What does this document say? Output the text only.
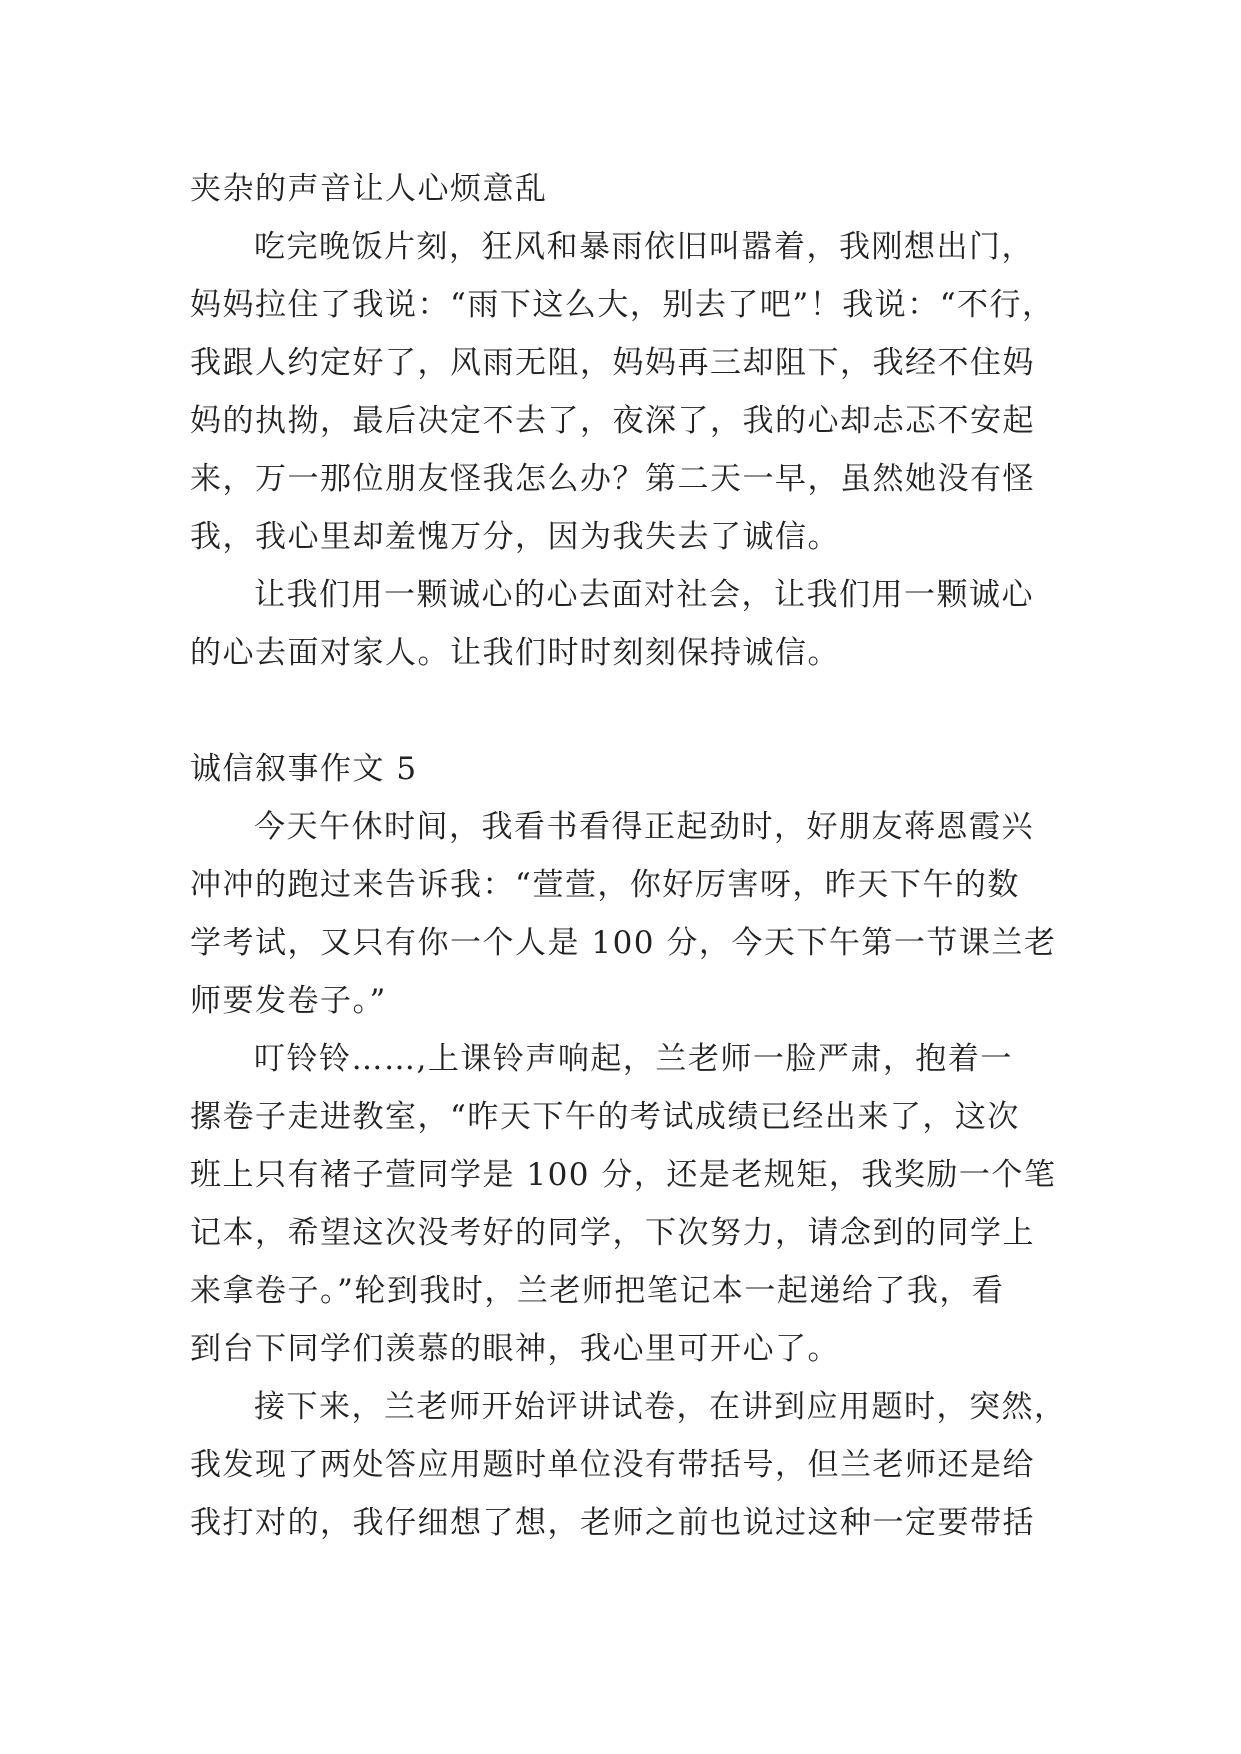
夹杂的声音让人心烦意乱
吃完晚饭片刻，狂风和暴雨依旧叫嚣着，我刚想出门，
妈妈拉住了我说：“雨下这么大，别去了吧”！我说：“不行，
我跟人约定好了，风雨无阻，妈妈再三却阻下，我经不住妈
妈的执拗，最后决定不去了，夜深了，我的心却忐忑不安起
来，万一那位朋友怪我怎么办？第二天一早，虽然她没有怪
我，我心里却羞愧万分，因为我失去了诚信。
让我们用一颗诚心的心去面对社会，让我们用一颗诚心
的心去面对家人。让我们时时刻刻保持诚信。
诚信叙事作文 5
今天午休时间，我看书看得正起劲时，好朋友蒋恩霞兴
冲冲的跑过来告诉我：“萱萱，你好厉害呀，昨天下午的数
学考试，又只有你一个人是 100 分，今天下午第一节课兰老
师要发卷子。”
叮铃铃……,上课铃声响起，兰老师一脸严肃，抱着一
摞卷子走进教室，“昨天下午的考试成绩已经出来了，这次
班上只有褚子萱同学是 100 分，还是老规矩，我奖励一个笔
记本，希望这次没考好的同学，下次努力，请念到的同学上
来拿卷子。”轮到我时，兰老师把笔记本一起递给了我，看
到台下同学们羡慕的眼神，我心里可开心了。
接下来，兰老师开始评讲试卷，在讲到应用题时，突然，
我发现了两处答应用题时单位没有带括号，但兰老师还是给
我打对的，我仔细想了想，老师之前也说过这种一定要带括
